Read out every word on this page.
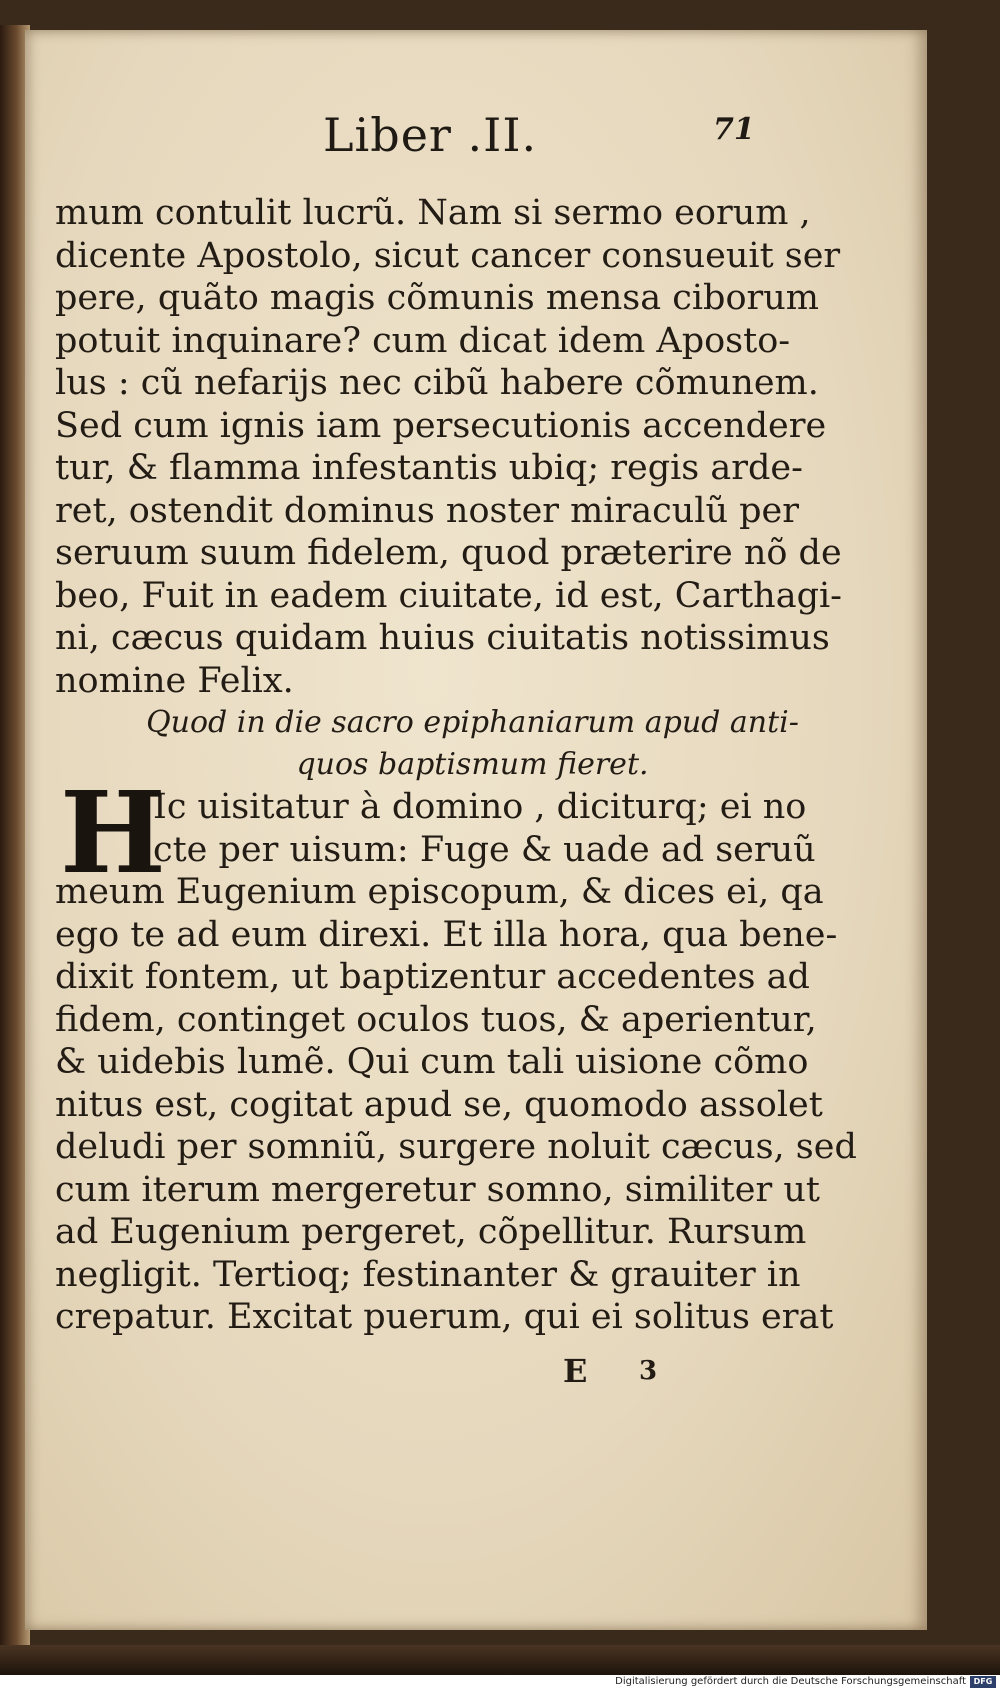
Liber .II.	71
mum contulit lucrũ. Nam si sermo eorum ,
dicente Apostolo, sicut cancer consueuit ser
pere, quãto magis cõmunis mensa ciborum
potuit inquinare? cum dicat idem Aposto-
lus : cũ nefarijs nec cibũ habere cõmunem.
Sed cum ignis iam persecutionis accendere
tur, & flamma infestantis ubiq; regis arde-
ret, ostendit dominus noster miraculũ per
seruum suum fidelem, quod præterire nõ de
beo, Fuit in eadem ciuitate, id est, Carthagi-
ni, cæcus quidam huius ciuitatis notissimus
nomine Felix.
Quod in die sacro epiphaniarum apud anti-
quos baptismum fieret.
H
Ic uisitatur à domino , diciturq; ei no
cte per uisum: Fuge & uade ad seruũ
meum Eugenium episcopum, & dices ei, qa
ego te ad eum direxi. Et illa hora, qua bene-
dixit fontem, ut baptizentur accedentes ad
fidem, continget oculos tuos, & aperientur,
& uidebis lumẽ. Qui cum tali uisione cõmo
nitus est, cogitat apud se, quomodo assolet
deludi per somniũ, surgere noluit cæcus, sed
cum iterum mergeretur somno, similiter ut
ad Eugenium pergeret, cõpellitur. Rursum
negligit. Tertioq; festinanter & grauiter in
crepatur. Excitat puerum, qui ei solitus erat
E 3
Digitalisierung gefördert durch die Deutsche Forschungsgemeinschaft DFG
